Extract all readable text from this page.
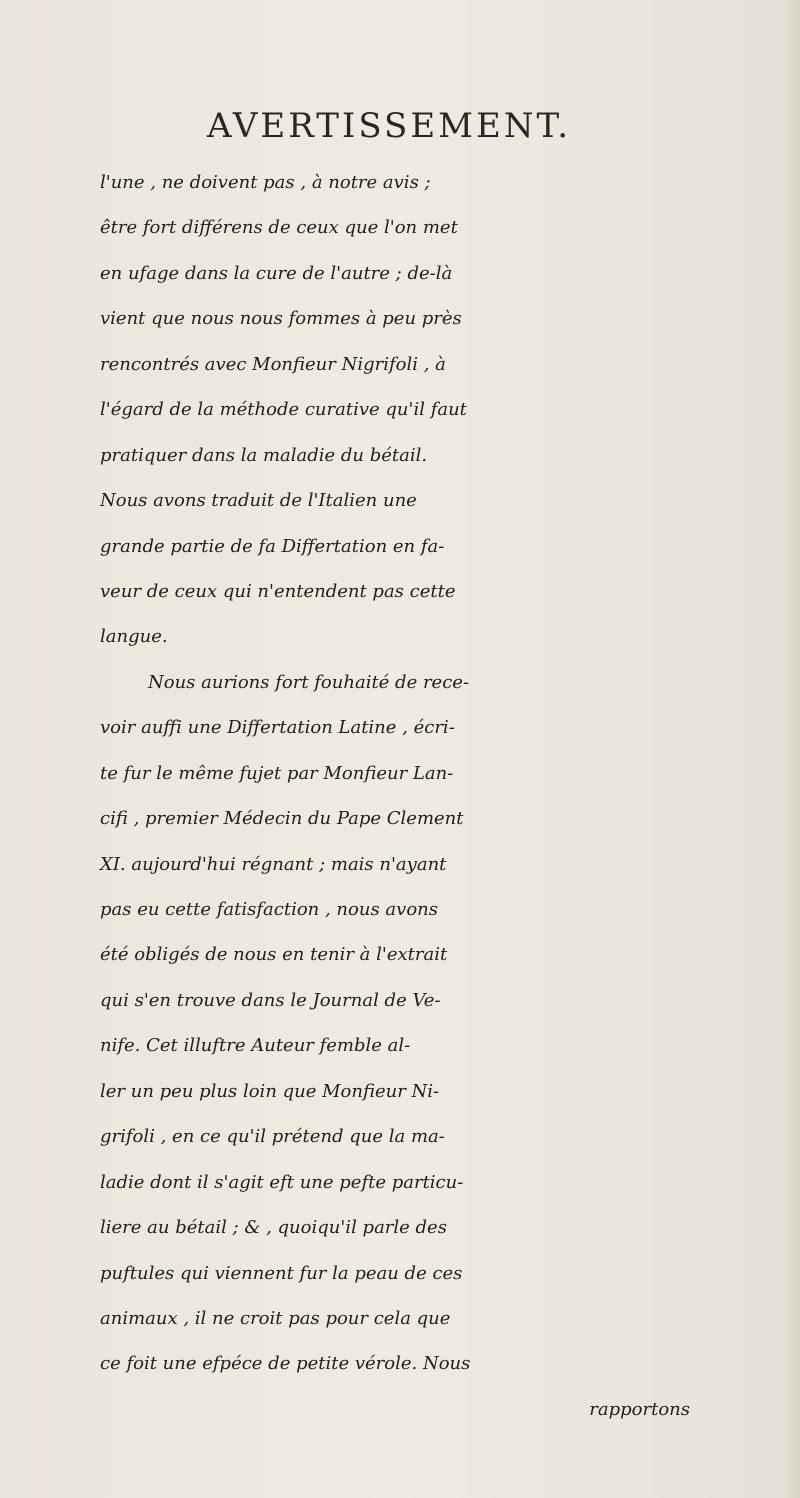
AVERTISSEMENT.
l'une , ne doivent pas , à notre avis ;
être fort différens de ceux que l'on met
en ufage dans la cure de l'autre ; de-là
vient que nous nous fommes à peu près
rencontrés avec Monfieur Nigrifoli , à
l'égard de la méthode curative qu'il faut
pratiquer dans la maladie du bétail.
Nous avons traduit de l'Italien une
grande partie de fa Differtation en fa-
veur de ceux qui n'entendent pas cette
langue.
Nous aurions fort fouhaité de rece-
voir auffi une Differtation Latine , écri-
te fur le même fujet par Monfieur Lan-
cifi , premier Médecin du Pape Clement
XI. aujourd'hui régnant ; mais n'ayant
pas eu cette fatisfaction , nous avons
été obligés de nous en tenir à l'extrait
qui s'en trouve dans le Journal de Ve-
nife. Cet illuftre Auteur femble al-
ler un peu plus loin que Monfieur Ni-
grifoli , en ce qu'il prétend que la ma-
ladie dont il s'agit eft une pefte particu-
liere au bétail ; & , quoiqu'il parle des
puftules qui viennent fur la peau de ces
animaux , il ne croit pas pour cela que
ce foit une efpéce de petite vérole. Nous
rapportons
